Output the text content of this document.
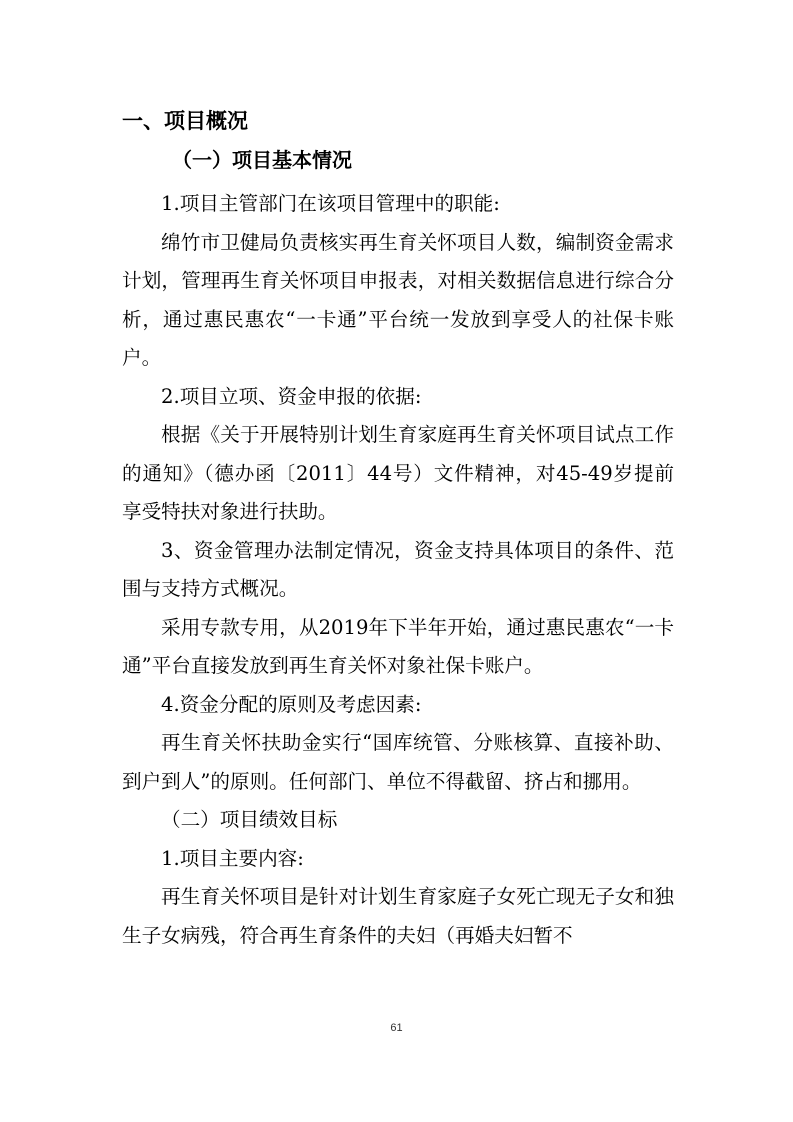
一、项目概况
（一）项目基本情况

1.项目主管部门在该项目管理中的职能:

绵竹市卫健局负责核实再生育关怀项目人数，编制资金需求计划，管理再生育关怀项目申报表，对相关数据信息进行综合分析，通过惠民惠农“一卡通”平台统一发放到享受人的社保卡账户。

2.项目立项、资金申报的依据:

根据《关于开展特别计划生育家庭再生育关怀项目试点工作的通知》（德办函〔2011〕44号）文件精神，对45-49岁提前享受特扶对象进行扶助。

3、资金管理办法制定情况，资金支持具体项目的条件、范围与支持方式概况。

采用专款专用，从2019年下半年开始，通过惠民惠农“一卡通”平台直接发放到再生育关怀对象社保卡账户。

4.资金分配的原则及考虑因素:

再生育关怀扶助金实行“国库统管、分账核算、直接补助、到户到人”的原则。任何部门、单位不得截留、挤占和挪用。

（二）项目绩效目标

1.项目主要内容:

再生育关怀项目是针对计划生育家庭子女死亡现无子女和独生子女病残，符合再生育条件的夫妇（再婚夫妇暂不

61
